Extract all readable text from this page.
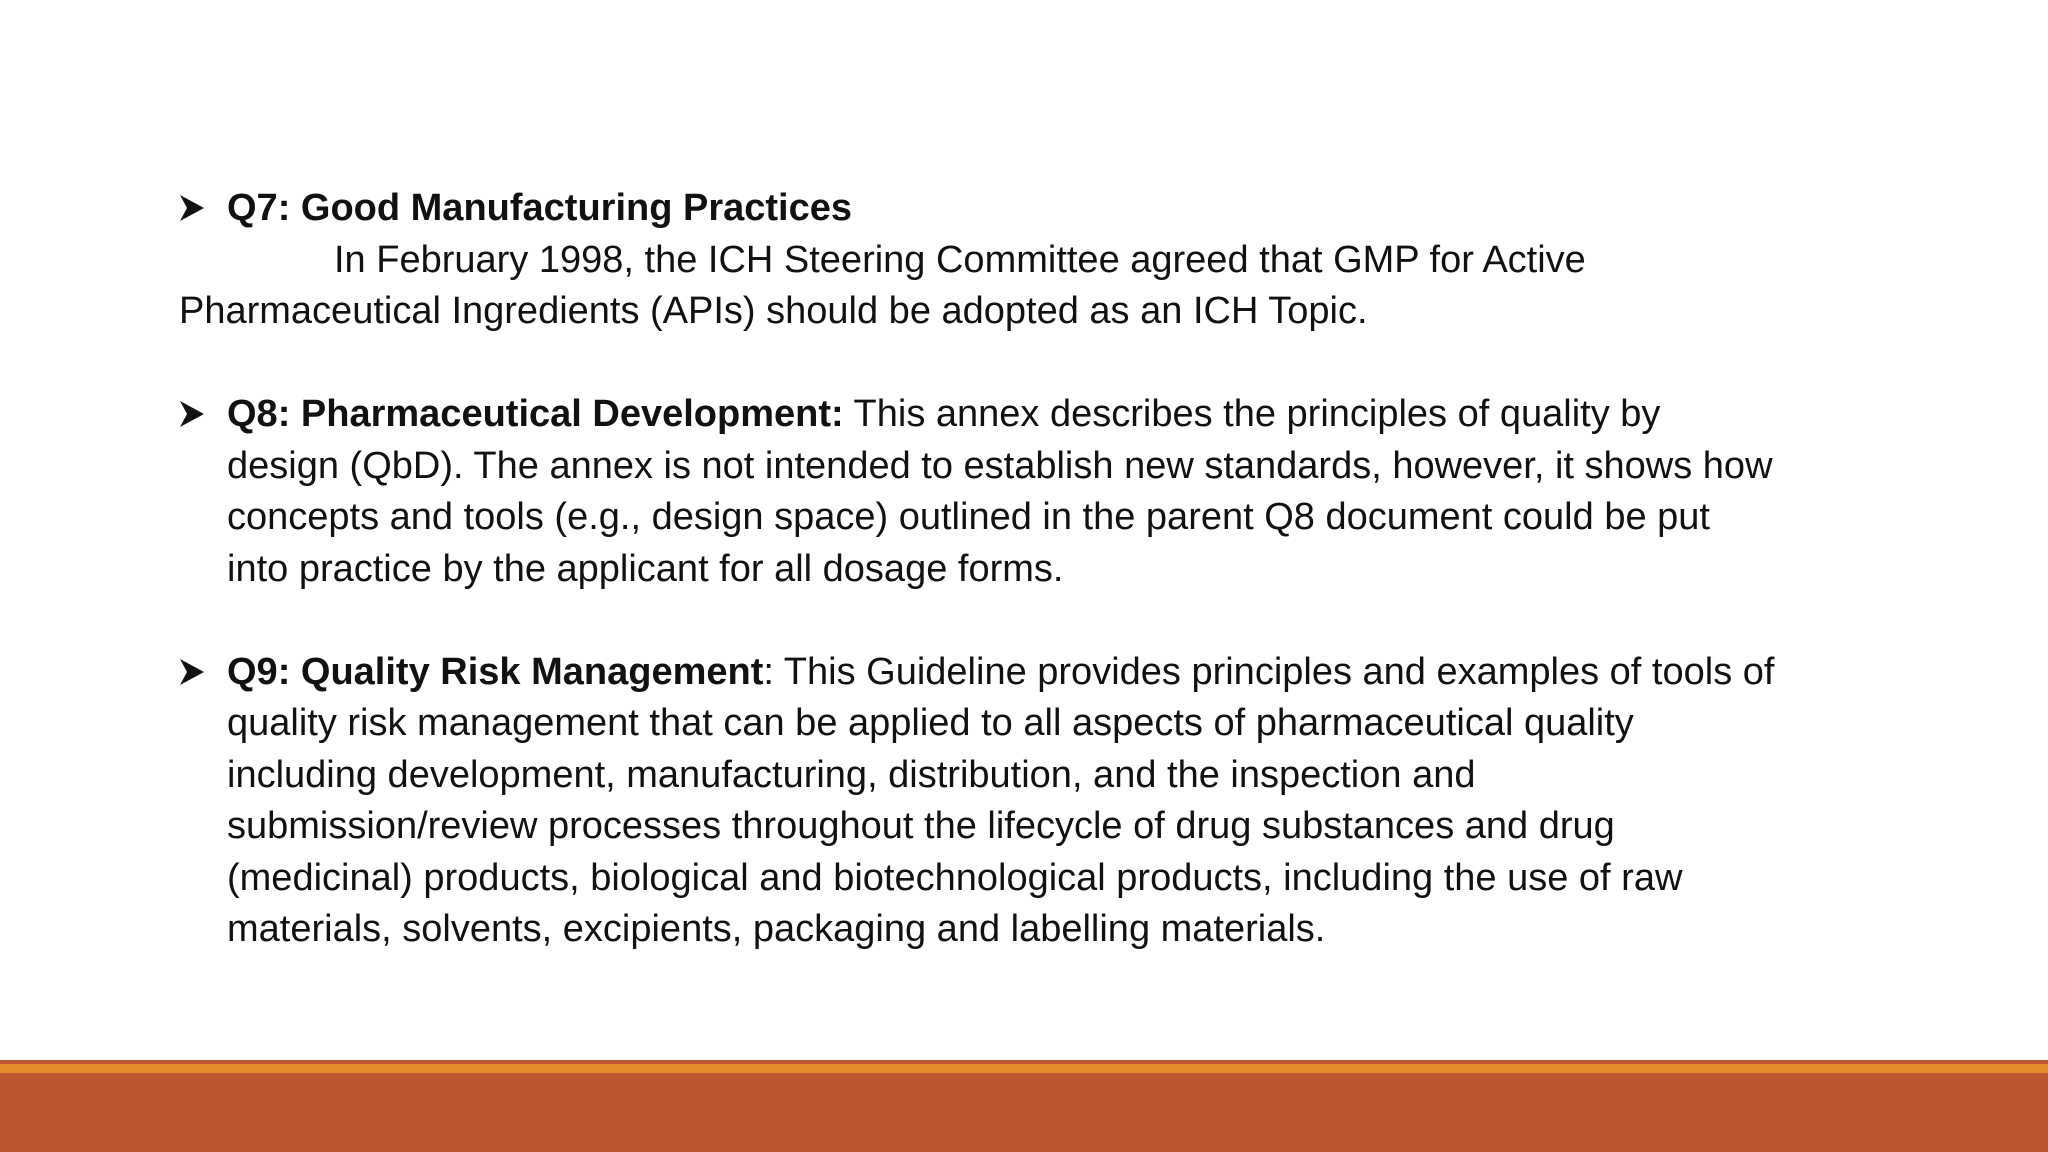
Q7: Good Manufacturing Practices
In February 1998, the ICH Steering Committee agreed that GMP for Active Pharmaceutical Ingredients (APIs) should be adopted as an ICH Topic.
Q8: Pharmaceutical Development: This annex describes the principles of quality by design (QbD). The annex is not intended to establish new standards, however, it shows how concepts and tools (e.g., design space) outlined in the parent Q8 document could be put into practice by the applicant for all dosage forms.
Q9: Quality Risk Management: This Guideline provides principles and examples of tools of quality risk management that can be applied to all aspects of pharmaceutical quality including development, manufacturing, distribution, and the inspection and submission/review processes throughout the lifecycle of drug substances and drug (medicinal) products, biological and biotechnological products, including the use of raw materials, solvents, excipients, packaging and labelling materials.
